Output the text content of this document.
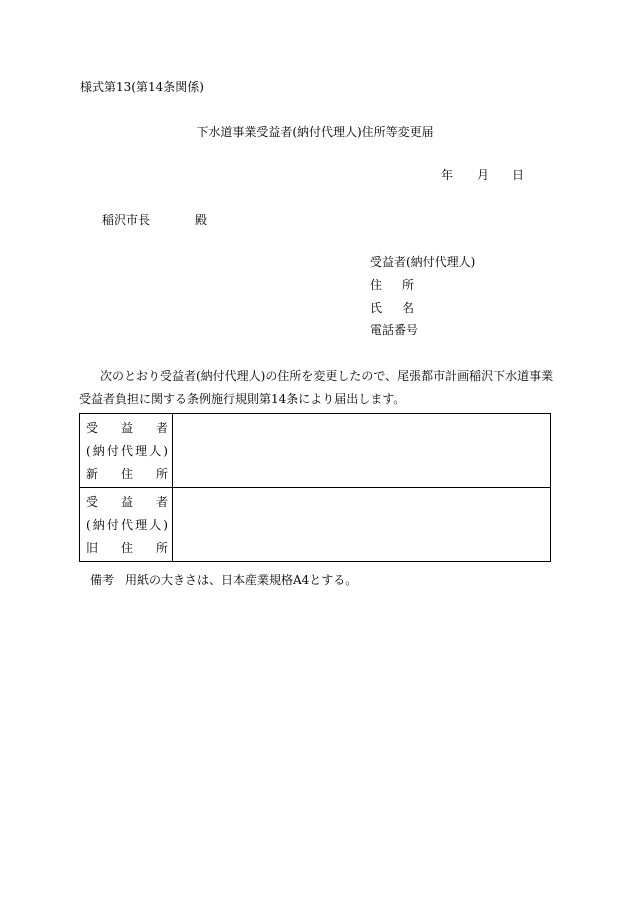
様式第13(第14条関係)
下水道事業受益者(納付代理人)住所等変更届
年 月 日
稲沢市長	殿
受益者(納付代理人)
住所
氏名
電話番号
次のとおり受益者(納付代理人)の住所を変更したので、尾張都市計画稲沢下水道事業
受益者負担に関する条例施行規則第14条により届出します。
受益者
(納付代理人)
新住所	

受益者
(納付代理人)
旧住所	

備考 用紙の大きさは、日本産業規格A4とする。
